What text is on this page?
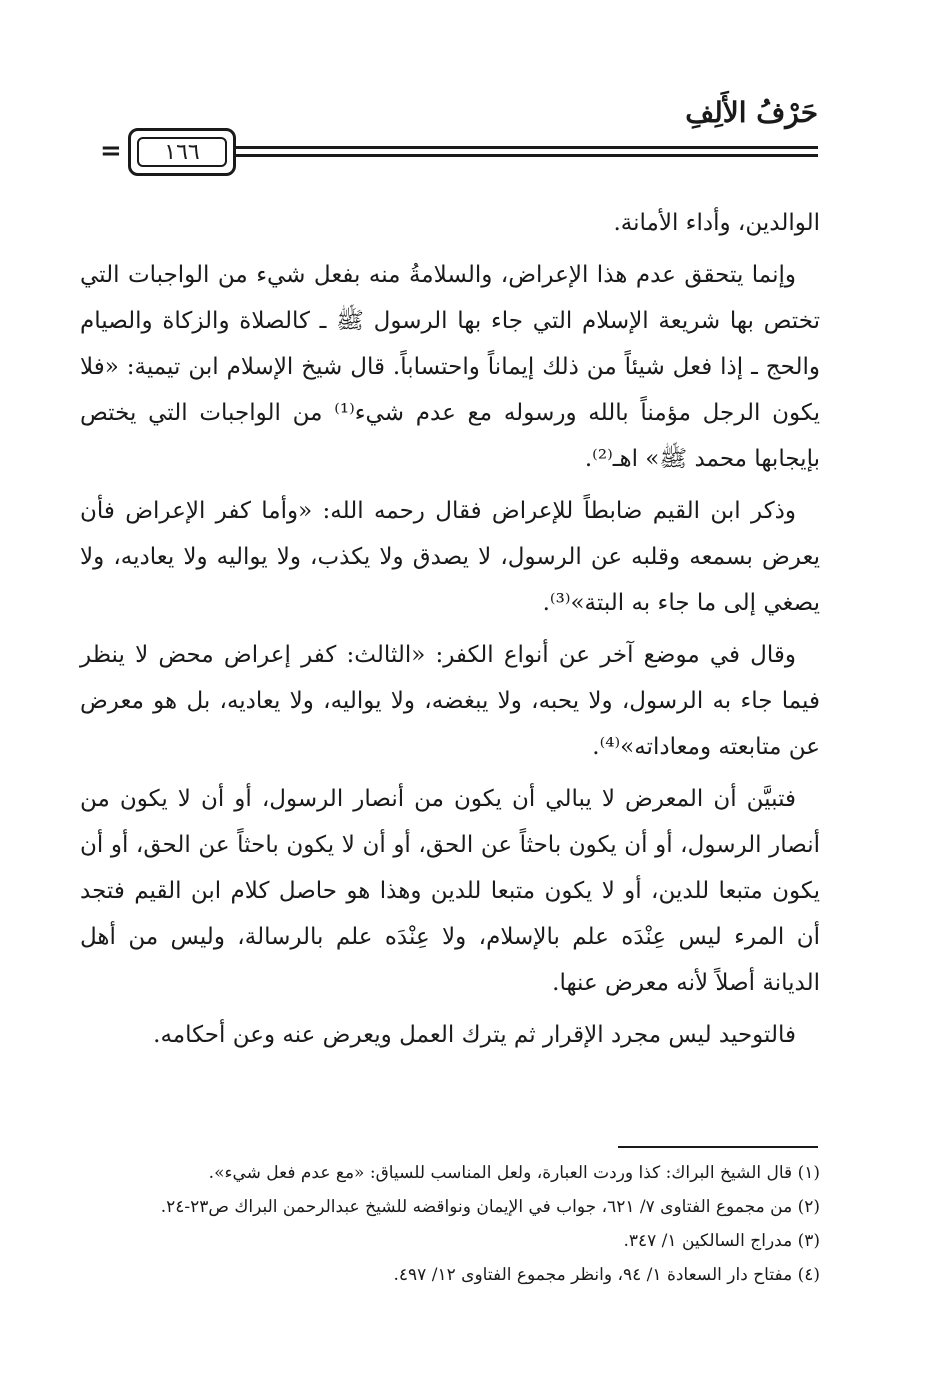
حَرْفُ الأَلِفِ
=	١٦٦

الوالدين، وأداء الأمانة.

وإنما يتحقق عدم هذا الإعراض، والسلامةُ منه بفعل شيء من الواجبات التي تختص بها شريعة الإسلام التي جاء بها الرسول ﷺ ـ كالصلاة والزكاة والصيام والحج ـ إذا فعل شيئاً من ذلك إيماناً واحتساباً. قال شيخ الإسلام ابن تيمية: «فلا يكون الرجل مؤمناً بالله ورسوله مع عدم شيء⁽¹⁾ من الواجبات التي يختص بإيجابها محمد ﷺ» اهـ⁽²⁾.

وذكر ابن القيم ضابطاً للإعراض فقال رحمه الله: «وأما كفر الإعراض فأن يعرض بسمعه وقلبه عن الرسول، لا يصدق ولا يكذب، ولا يواليه ولا يعاديه، ولا يصغي إلى ما جاء به البتة»⁽³⁾.

وقال في موضع آخر عن أنواع الكفر: «الثالث: كفر إعراض محض لا ينظر فيما جاء به الرسول، ولا يحبه، ولا يبغضه، ولا يواليه، ولا يعاديه، بل هو معرض عن متابعته ومعاداته»⁽⁴⁾.

فتبيَّن أن المعرض لا يبالي أن يكون من أنصار الرسول، أو أن لا يكون من أنصار الرسول، أو أن يكون باحثاً عن الحق، أو أن لا يكون باحثاً عن الحق، أو أن يكون متبعا للدين، أو لا يكون متبعا للدين وهذا هو حاصل كلام ابن القيم فتجد أن المرء ليس عِنْدَه علم بالإسلام، ولا عِنْدَه علم بالرسالة، وليس من أهل الديانة أصلاً لأنه معرض عنها.

فالتوحيد ليس مجرد الإقرار ثم يترك العمل ويعرض عنه وعن أحكامه.

(١) قال الشيخ البراك: كذا وردت العبارة، ولعل المناسب للسياق: «مع عدم فعل شيء».
(٢) من مجموع الفتاوى ٧/ ٦٢١، جواب في الإيمان ونواقضه للشيخ عبدالرحمن البراك ص٢٣-٢٤.
(٣) مدراج السالكين ١/ ٣٤٧.
(٤) مفتاح دار السعادة ١/ ٩٤، وانظر مجموع الفتاوى ١٢/ ٤٩٧.
